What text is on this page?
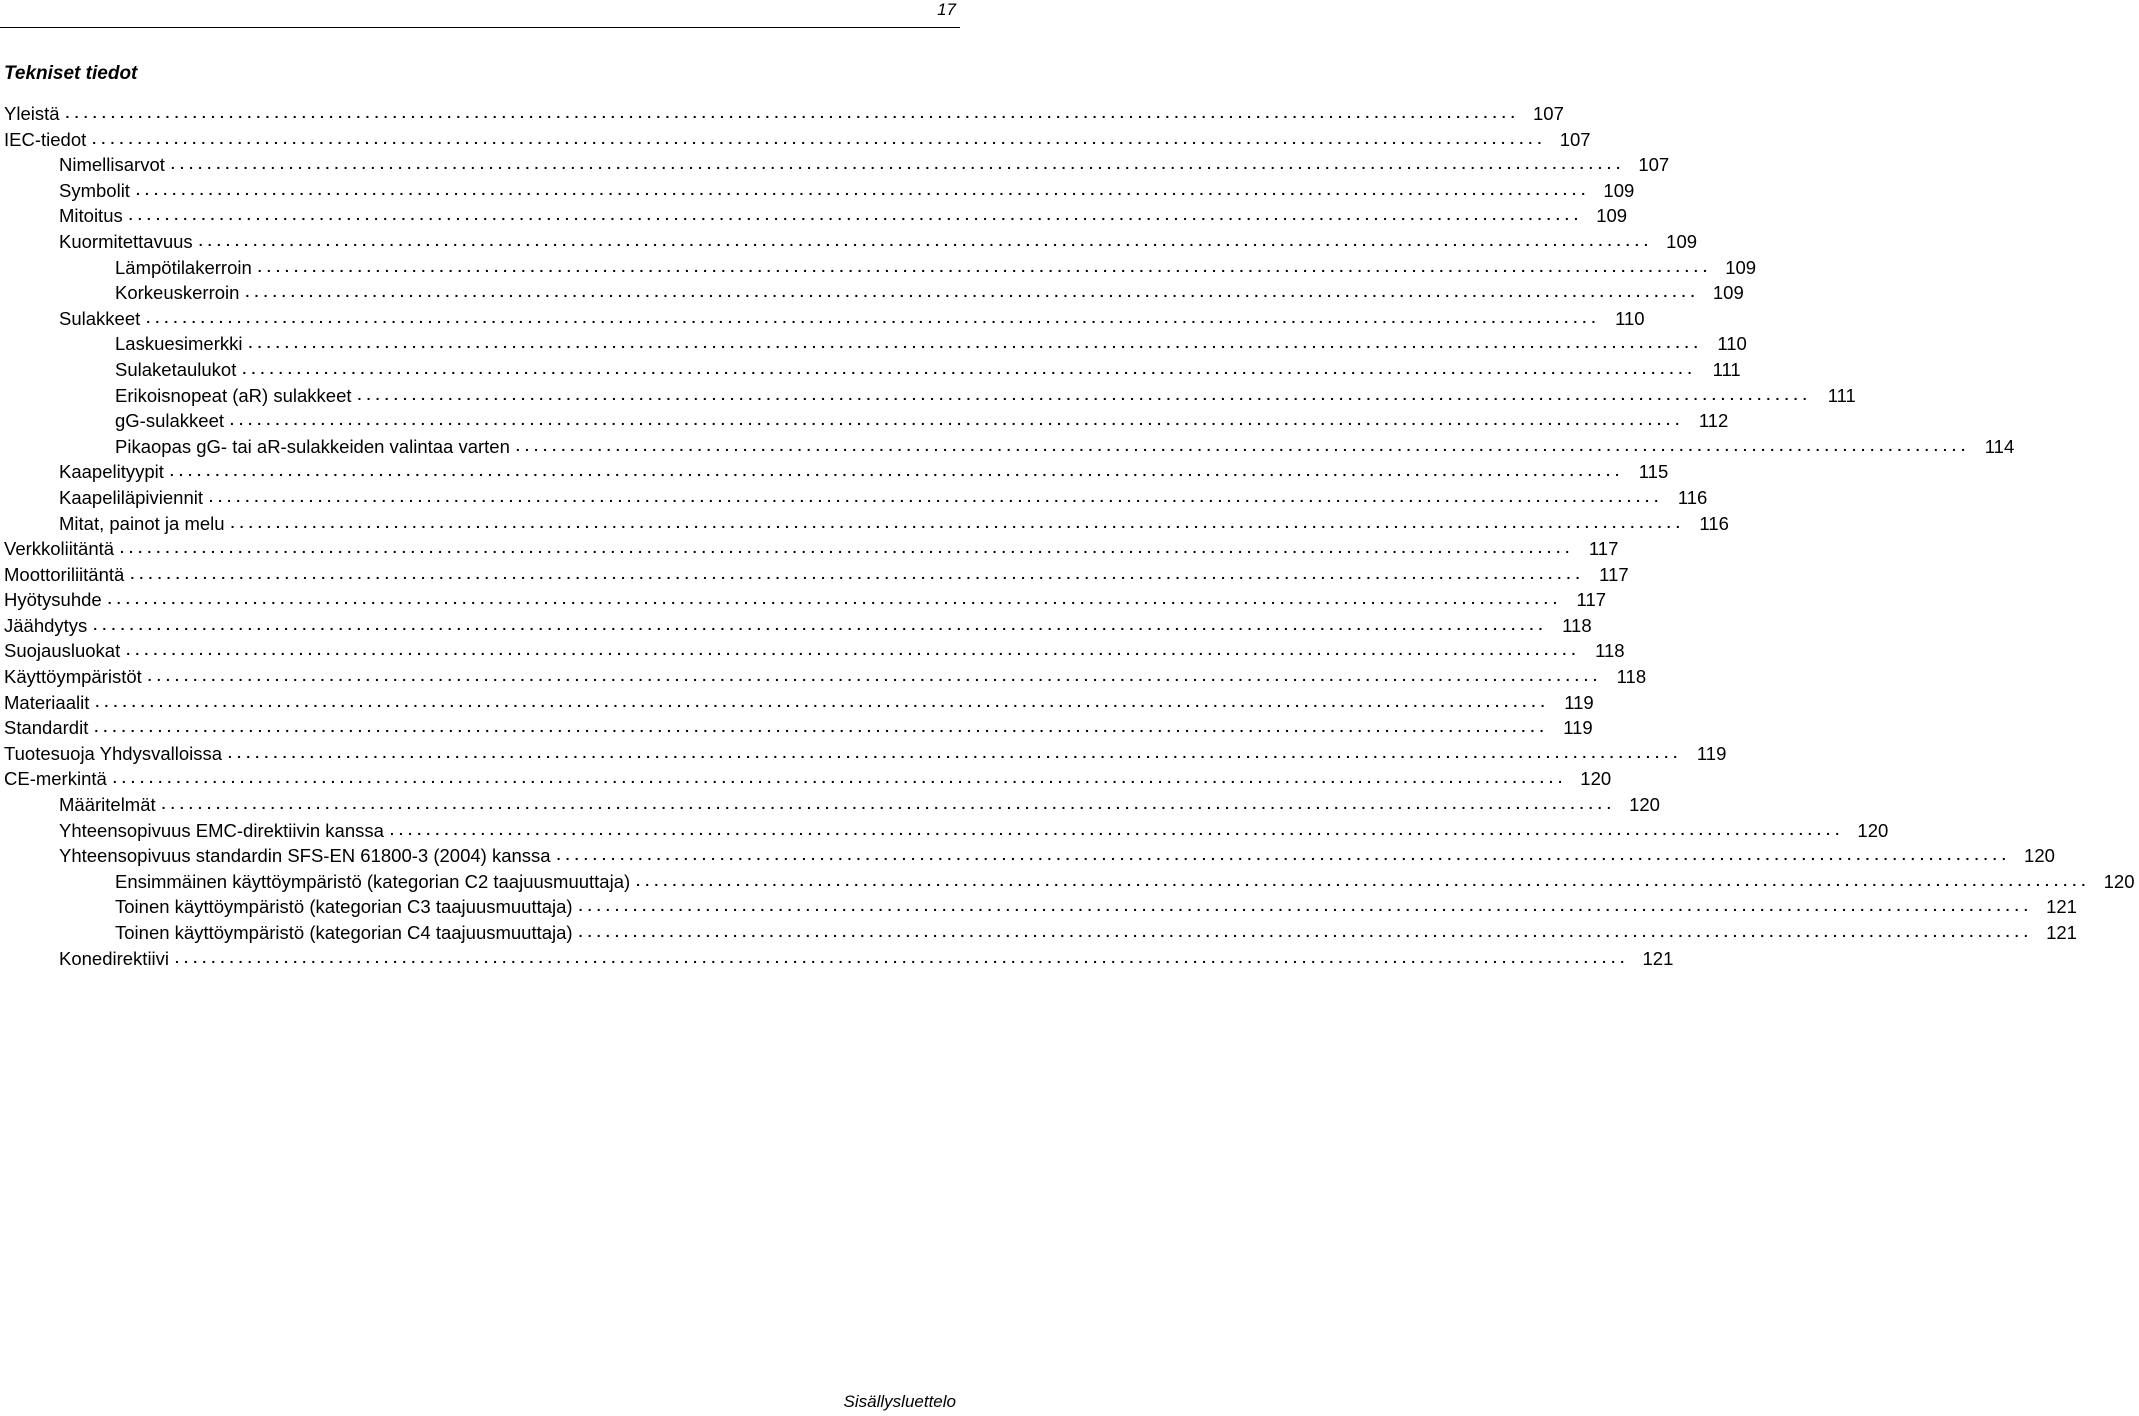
17
Tekniset tiedot
Yleistä ................................................................................................................................................................ 107
IEC-tiedot ................................................................................................................................................................ 107
Nimellisarvot ................................................................................................................................................................ 107
Symbolit ................................................................................................................................................................ 109
Mitoitus ................................................................................................................................................................ 109
Kuormitettavuus ................................................................................................................................................................ 109
Lämpötilakerroin ................................................................................................................................................................ 109
Korkeuskerroin ................................................................................................................................................................ 109
Sulakkeet ................................................................................................................................................................ 110
Laskuesimerkki ................................................................................................................................................................ 110
Sulaketaulukot ................................................................................................................................................................ 111
Erikoisnopeat (aR) sulakkeet ................................................................................................................................................................ 111
gG-sulakkeet ................................................................................................................................................................ 112
Pikaopas gG- tai aR-sulakkeiden valintaa varten ................................................................................................................................................................ 114
Kaapelityypit ................................................................................................................................................................ 115
Kaapeliläpiviennit ................................................................................................................................................................ 116
Mitat, painot ja melu ................................................................................................................................................................ 116
Verkkoliitäntä ................................................................................................................................................................ 117
Moottoriliitäntä ................................................................................................................................................................ 117
Hyötysuhde ................................................................................................................................................................ 117
Jäähdytys ................................................................................................................................................................ 118
Suojausluokat ................................................................................................................................................................ 118
Käyttöympäristöt ................................................................................................................................................................ 118
Materiaalit ................................................................................................................................................................ 119
Standardit ................................................................................................................................................................ 119
Tuotesuoja Yhdysvalloissa ................................................................................................................................................................ 119
CE-merkintä ................................................................................................................................................................ 120
Määritelmät ................................................................................................................................................................ 120
Yhteensopivuus EMC-direktiivin kanssa ................................................................................................................................................................ 120
Yhteensopivuus standardin SFS-EN 61800-3 (2004) kanssa ................................................................................................................................................................ 120
Ensimmäinen käyttöympäristö (kategorian C2 taajuusmuuttaja) ................................................................................................................................................................ 120
Toinen käyttöympäristö (kategorian C3 taajuusmuuttaja) ................................................................................................................................................................ 121
Toinen käyttöympäristö (kategorian C4 taajuusmuuttaja) ................................................................................................................................................................ 121
Konedirektiivi ................................................................................................................................................................ 121
Sisällysluettelo
